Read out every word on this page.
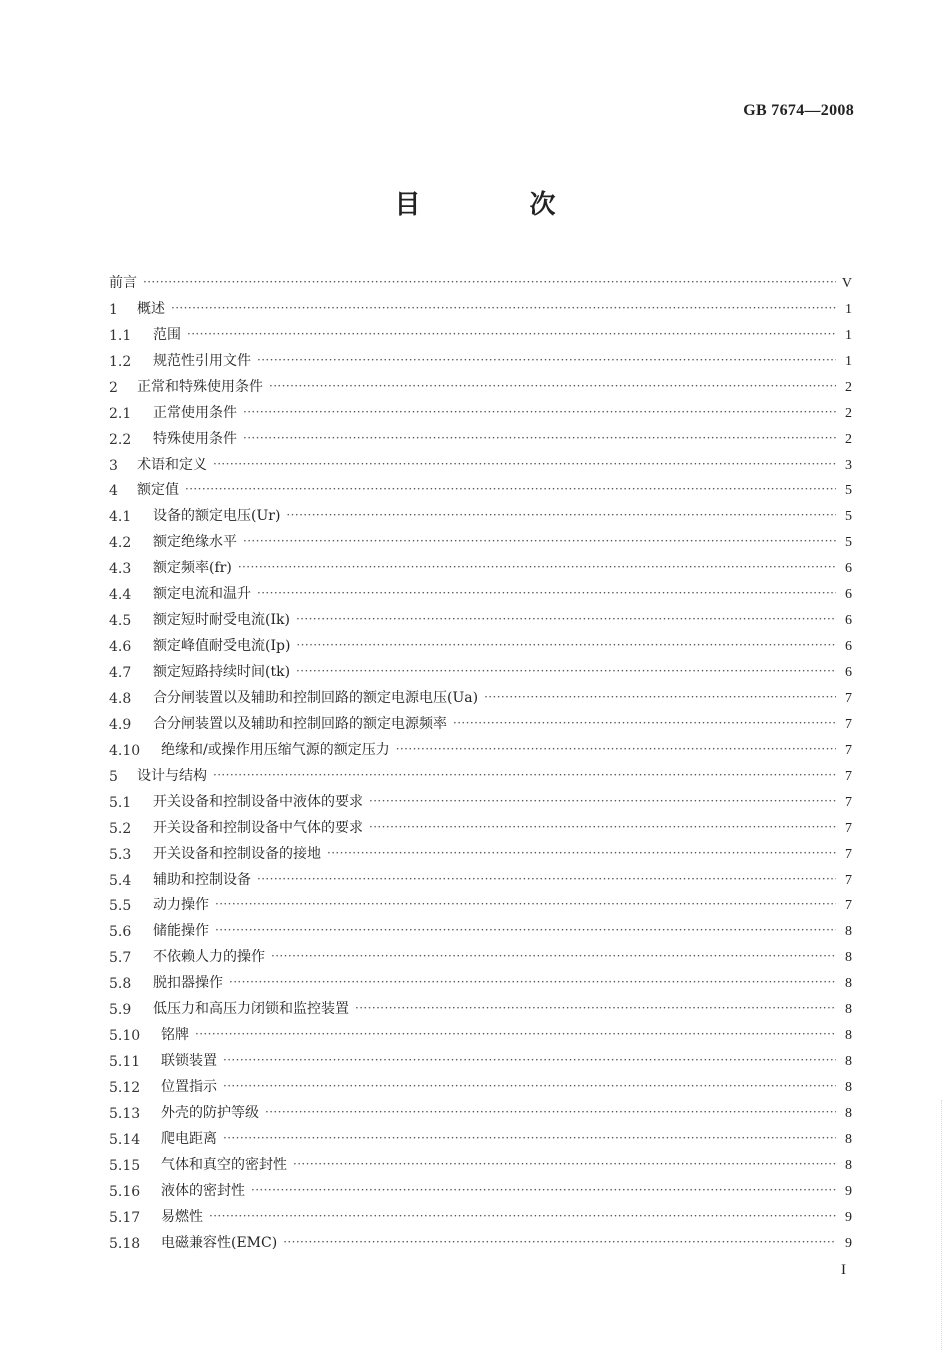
GB 7674—2008
目 次
前言 ·····	V
1	概述 ·····	1
1.1	范围 ·····	1
1.2	规范性引用文件 ·····	1
2	正常和特殊使用条件 ·····	2
2.1	正常使用条件 ·····	2
2.2	特殊使用条件 ·····	2
3	术语和定义 ·····	3
4	额定值 ·····	5
4.1	设备的额定电压(Ur) ·····	5
4.2	额定绝缘水平 ·····	5
4.3	额定频率(fr) ·····	6
4.4	额定电流和温升 ·····	6
4.5	额定短时耐受电流(Ik) ·····	6
4.6	额定峰值耐受电流(Ip) ·····	6
4.7	额定短路持续时间(tk) ·····	6
4.8	合分闸装置以及辅助和控制回路的额定电源电压(Ua) ·····	7
4.9	合分闸装置以及辅助和控制回路的额定电源频率 ·····	7
4.10	绝缘和/或操作用压缩气源的额定压力 ·····	7
5	设计与结构 ·····	7
5.1	开关设备和控制设备中液体的要求 ·····	7
5.2	开关设备和控制设备中气体的要求 ·····	7
5.3	开关设备和控制设备的接地 ·····	7
5.4	辅助和控制设备 ·····	7
5.5	动力操作 ·····	7
5.6	储能操作 ·····	8
5.7	不依赖人力的操作 ·····	8
5.8	脱扣器操作 ·····	8
5.9	低压力和高压力闭锁和监控装置 ·····	8
5.10	铭牌 ·····	8
5.11	联锁装置 ·····	8
5.12	位置指示 ·····	8
5.13	外壳的防护等级 ·····	8
5.14	爬电距离 ·····	8
5.15	气体和真空的密封性 ·····	8
5.16	液体的密封性 ·····	9
5.17	易燃性 ·····	9
5.18	电磁兼容性(EMC) ·····	9
I
